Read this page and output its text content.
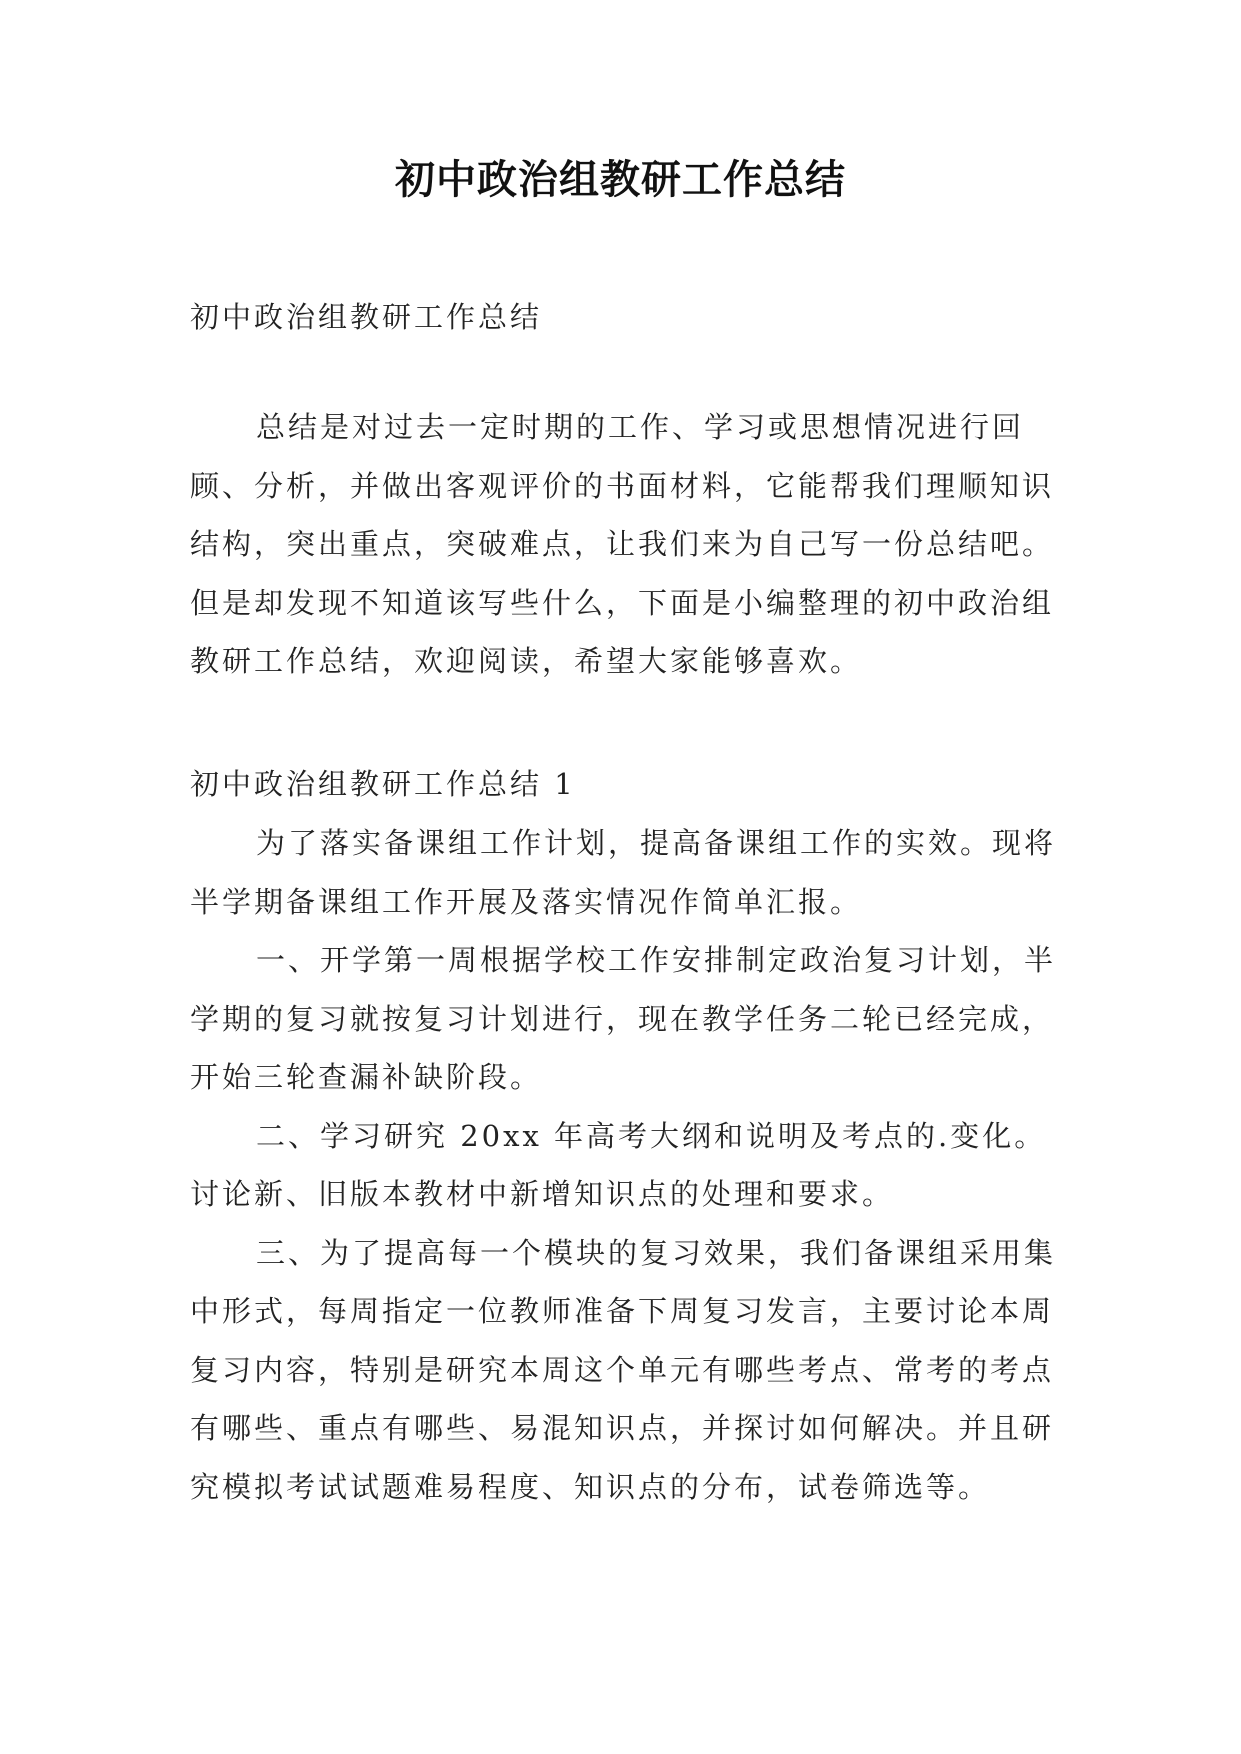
初中政治组教研工作总结

初中政治组教研工作总结

总结是对过去一定时期的工作、学习或思想情况进行回顾、分析，并做出客观评价的书面材料，它能帮我们理顺知识结构，突出重点，突破难点，让我们来为自己写一份总结吧。但是却发现不知道该写些什么，下面是小编整理的初中政治组教研工作总结，欢迎阅读，希望大家能够喜欢。

初中政治组教研工作总结 1

为了落实备课组工作计划，提高备课组工作的实效。现将半学期备课组工作开展及落实情况作简单汇报。

一、开学第一周根据学校工作安排制定政治复习计划，半学期的复习就按复习计划进行，现在教学任务二轮已经完成，开始三轮查漏补缺阶段。

二、学习研究 20xx 年高考大纲和说明及考点的.变化。讨论新、旧版本教材中新增知识点的处理和要求。

三、为了提高每一个模块的复习效果，我们备课组采用集中形式，每周指定一位教师准备下周复习发言，主要讨论本周复习内容，特别是研究本周这个单元有哪些考点、常考的考点有哪些、重点有哪些、易混知识点，并探讨如何解决。并且研究模拟考试试题难易程度、知识点的分布，试卷筛选等。
